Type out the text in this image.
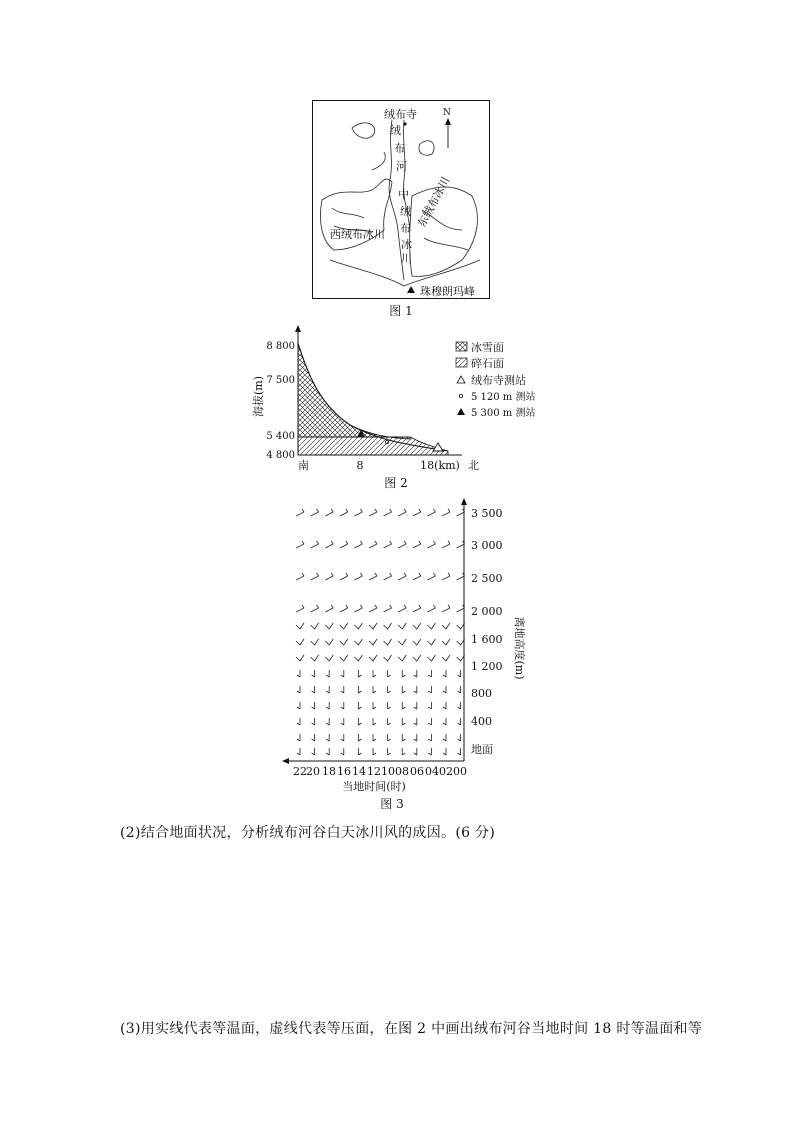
N
绒布寺
绒
布
河
中
绒
布
冰
川
西绒布冰川
东绒布冰川
珠穆朗玛峰
图 1
8 800
7 500
5 400
4 800
海拔(m)
南	8	18(km) 北
冰雪面
碎石面
绒布寺测站
5 120 m 测站
5 300 m 测站
图 2
3 500
3 000
2 500
2 000
1 600
1 200
800
400
地面
离地高度(m)
22 20 18 16 14 12 10 08 06 04 02 00
当地时间(时)
图 3
(2)结合地面状况，分析绒布河谷白天冰川风的成因。(6 分)
(3)用实线代表等温面，虚线代表等压面，在图 2 中画出绒布河谷当地时间 18 时等温面和等
